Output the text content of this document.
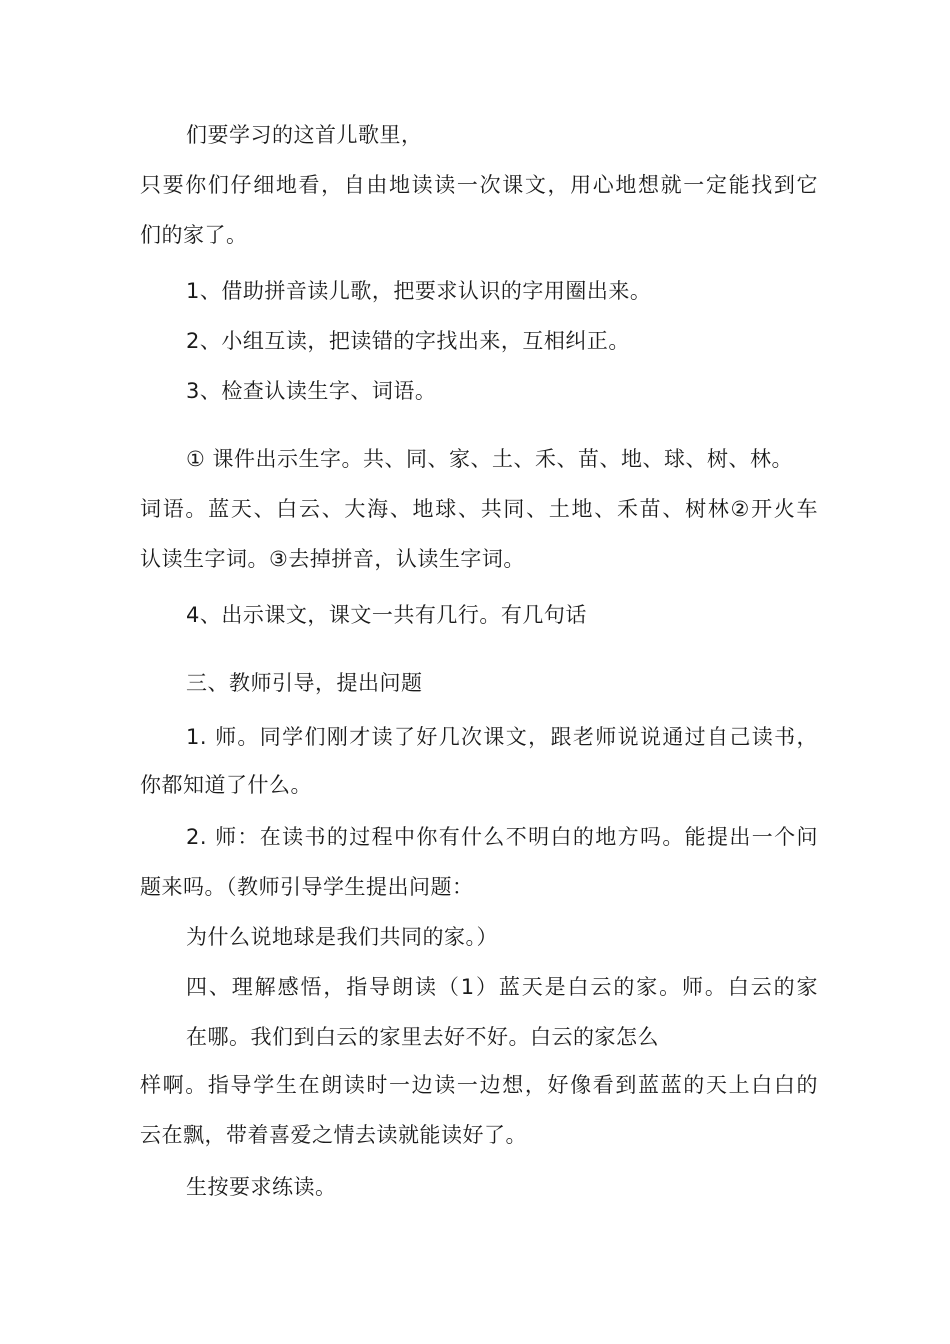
们要学习的这首儿歌里，
只要你们仔细地看，自由地读读一次课文，用心地想就一定能找到它
们的家了。
1、借助拼音读儿歌，把要求认识的字用圈出来。
2、小组互读，把读错的字找出来，互相纠正。
3、检查认读生字、词语。
① 课件出示生字。共、同、家、土、禾、苗、地、球、树、林。
词语。蓝天、白云、大海、地球、共同、土地、禾苗、树林②开火车
认读生字词。③去掉拼音，认读生字词。
4、出示课文，课文一共有几行。有几句话
三、教师引导，提出问题
1. 师。同学们刚才读了好几次课文，跟老师说说通过自己读书，
你都知道了什么。
2. 师：在读书的过程中你有什么不明白的地方吗。能提出一个问
题来吗。（教师引导学生提出问题：
为什么说地球是我们共同的家。）
四、理解感悟，指导朗读（1）蓝天是白云的家。师。白云的家
在哪。我们到白云的家里去好不好。白云的家怎么
样啊。指导学生在朗读时一边读一边想，好像看到蓝蓝的天上白白的
云在飘，带着喜爱之情去读就能读好了。
生按要求练读。
